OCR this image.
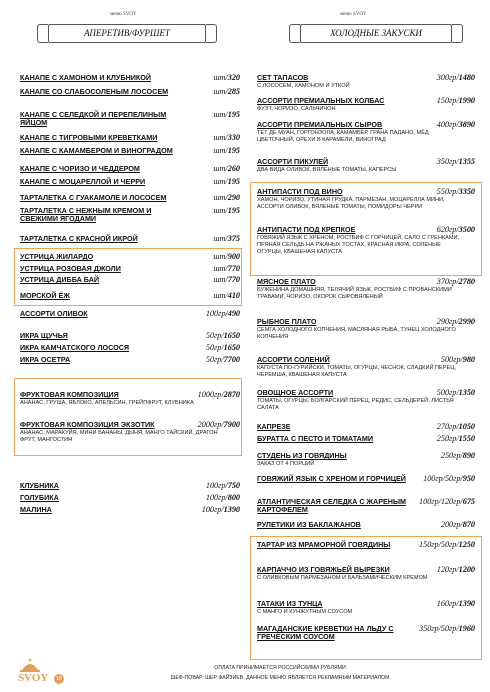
меню SVOY	меню SVOY
АПЕРЕТИВ/ФУРШЕТ	ХОЛОДНЫЕ ЗАКУСКИ
КАНАПЕ С ХАМОНОМ И КЛУБНИКОЙ	шт/320
КАНАПЕ СО СЛАБОСОЛЕНЫМ ЛОСОСЕМ	шт/285
КАНАПЕ С СЕЛЕДКОЙ И ПЕРЕПЕЛИНЫМ ЯЙЦОМ
шт/195
КАНАПЕ С ТИГРОВЫМИ КРЕВЕТКАМИ	шт/330
КАНАПЕ С КАМАМБЕРОМ И ВИНОГРАДОМ	шт/195
КАНАПЕ С ЧОРИЗО И ЧЕДДЕРОМ	шт/260
КАНАПЕ С МОЦАРЕЛЛОЙ И ЧЕРРИ	шт/195
ТАРТАЛЕТКА С ГУАКАМОЛЕ И ЛОСОСЕМ	шт/290
ТАРТАЛЕТКА С НЕЖНЫМ КРЕМОМ И СВЕЖИМИ ЯГОДАМИ
шт/195
ТАРТАЛЕТКА С КРАСНОЙ ИКРОЙ	шт/375
УСТРИЦА ЖИЛАРДО	шт/900
УСТРИЦА РОЗОВАЯ ДЖОЛИ	шт/770
УСТРИЦА ДИББА БАЙ	шт/770
МОРСКОЙ ЁЖ	шт/410
АССОРТИ ОЛИВОК	100гр/490
ИКРА ЩУЧЬЯ	50гр/1650
ИКРА КАМЧАТСКОГО ЛОСОСЯ	50гр/1650
ИКРА ОСЕТРА	50гр/7700
ФРУКТОВАЯ КОМПОЗИЦИЯ	1000гр/2870
АНАНАС, ГРУША, ЯБЛОКО, АПЕЛЬСИН, ГРЕЙПФРУТ, КЛУБНИКА
ФРУКТОВАЯ КОМПОЗИЦИЯ ЭКЗОТИК	2000гр/7900
АНАНАС, МАРАКУЙЯ, МИНИ БАНАНЫ, ДЫНЯ, МАНГО ТАЙСКИЙ, ДРАГОН ФРУТ, МАНГОСТИН
КЛУБНИКА	100гр/750
ГОЛУБИКА	100гр/800
МАЛИНА	100гр/1390
СЕТ ТАПАСОВ	300гр/1480
С ЛОСОСЕМ, ХАМОНОМ И УТКОЙ
АССОРТИ ПРЕМИАЛЬНЫХ КОЛБАС	150гр/1990
ФУЭТ, ЧОРИЗО, САЛЬЧИЧОН
АССОРТИ ПРЕМИАЛЬНЫХ СЫРОВ	400гр/3890
ТЕТ ДЕ МУАН, ГОРГОНЗОЛА, КАМАМБЕР, ГРАНА ПАДАНО, МЁД ЦВЕТОЧНЫЙ, ОРЕХИ В КАРАМЕЛИ, ВИНОГРАД
АССОРТИ ПИКУЛЕЙ	350гр/1355
ДВА ВИДА ОЛИВОК, ВЯЛЕНЫЕ ТОМАТЫ, КАПЕРСЫ
АНТИПАСТИ ПОД ВИНО	550гр/3350
ХАМОН, ЧОРИЗО, УТИНАЯ ГРУДКА, ПАРМЕЗАН, МОЦАРЕЛЛА МИНИ, АССОРТИ ОЛИВОК, ВЯЛЕНЫЕ ТОМАТЫ, ПОМИДОРЫ ЧЕРРИ
АНТИПАСТИ ПОД КРЕПКОЕ	620гр/3500
ГОВЯЖИЙ ЯЗЫК С ХРЕНОМ, РОСТБИФ С ГОРЧИЦЕЙ, САЛО С ГРЕНКАМИ, ПРЯНАЯ СЕЛЬДЬ НА РЖАНЫХ ТОСТАХ, КРАСНАЯ ИКРА, СОЛЕНЫЕ ОГУРЦЫ, КВАШЕНАЯ КАПУСТА
МЯСНОЕ ПЛАТО	370гр/2780
БУЖЕНИНА ДОМАШНЯЯ, ТЕЛЯЧИЙ ЯЗЫК, РОСТБИФ С ПРОВАНСКИМИ ТРАВАМИ, ЧОРИЗО, ОКОРОК СЫРОВЯЛЕНЫЙ
РЫБНОЕ ПЛАТО	290гр/2990
СЕМГА ХОЛОДНОГО КОПЧЕНИЯ, МАСЛЯНАЯ РЫБА, ТУНЕЦ ХОЛОДНОГО КОПЧЕНИЯ
АССОРТИ СОЛЕНИЙ	500гр/980
КАПУСТА ПО-ГУРИЙСКИ, ТОМАТЫ, ОГУРЦЫ, ЧЕСНОК, СЛАДКИЙ ПЕРЕЦ, ЧЕРЕМША, КВАШЕНАЯ КАПУСТА
ОВОЩНОЕ АССОРТИ	500гр/1350
ТОМАТЫ, ОГУРЦЫ, БОЛГАРСКИЙ ПЕРЕЦ, РЕДИС, СЕЛЬДЕРЕЙ, ЛИСТЬЯ САЛАТА
КАПРЕЗЕ	270гр/1050
БУРАТТА С ПЕСТО И ТОМАТАМИ	250гр/1550
СТУДЕНЬ ИЗ ГОВЯДИНЫ	250гр/890
ЗАКАЗ ОТ 4 ПОРЦИЙ
ГОВЯЖИЙ ЯЗЫК С ХРЕНОМ И ГОРЧИЦЕЙ 100гр/50гр/950
АТЛАНТИЧЕСКАЯ СЕЛЕДКА С ЖАРЕНЫМ КАРТОФЕЛЕМ
100гр/120гр/675
РУЛЕТИКИ ИЗ БАКЛАЖАНОВ	200гр/870
ТАРТАР ИЗ МРАМОРНОЙ ГОВЯДИНЫ	150гр/50гр/1250
КАРПАЧЧО ИЗ ГОВЯЖЬЕЙ ВЫРЕЗКИ	120гр/1200
С ОЛИВКОВЫМ ПАРМЕЗАНОМ И БАЛЬЗАМИЧЕСКИМ КРЕМОМ
ТАТАКИ ИЗ ТУНЦА	160гр/1390
С МАНГО И КУНЖУТНЫМ СОУСОМ
МАГАДАНСКИЕ КРЕВЕТКИ НА ЛЬДУ С ГРЕЧЕСКИМ СОУСОМ
350гр/50гр/1960
ОПЛАТА ПРИНИМАЕТСЯ РОССИЙСКИМИ РУБЛЯМИ
ШЕФ-ПОВАР: ШЕР ФАЙЗИЕВ. ДАННОЕ МЕНЮ ЯВЛЯЕТСЯ РЕКЛАМНЫМ МАТЕРИАЛОМ
SVOY	18
